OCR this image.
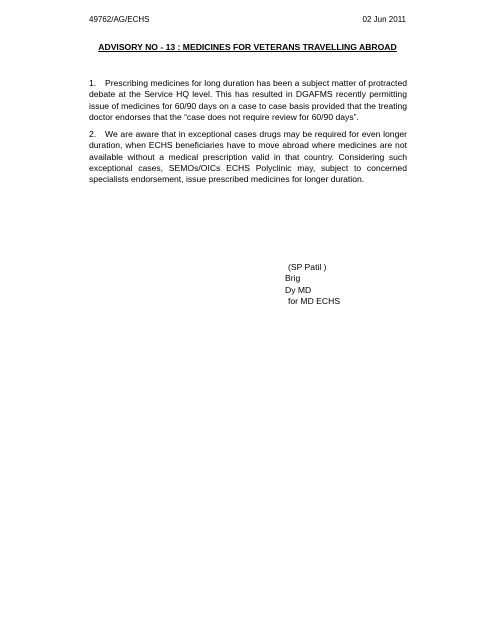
49762/AG/ECHS	02 Jun 2011
ADVISORY NO - 13 : MEDICINES FOR VETERANS TRAVELLING ABROAD

1. Prescribing medicines for long duration has been a subject matter of protracted debate at the Service HQ level. This has resulted in DGAFMS recently permitting issue of medicines for 60/90 days on a case to case basis provided that the treating doctor endorses that the “case does not require review for 60/90 days”.

2. We are aware that in exceptional cases drugs may be required for even longer duration, when ECHS beneficiaries have to move abroad where medicines are not available without a medical prescription valid in that country. Considering such exceptional cases, SEMOs/OICs ECHS Polyclinic may, subject to concerned specialists endorsement, issue prescribed medicines for longer duration.

(SP Patil )
Brig
Dy MD
for MD ECHS
